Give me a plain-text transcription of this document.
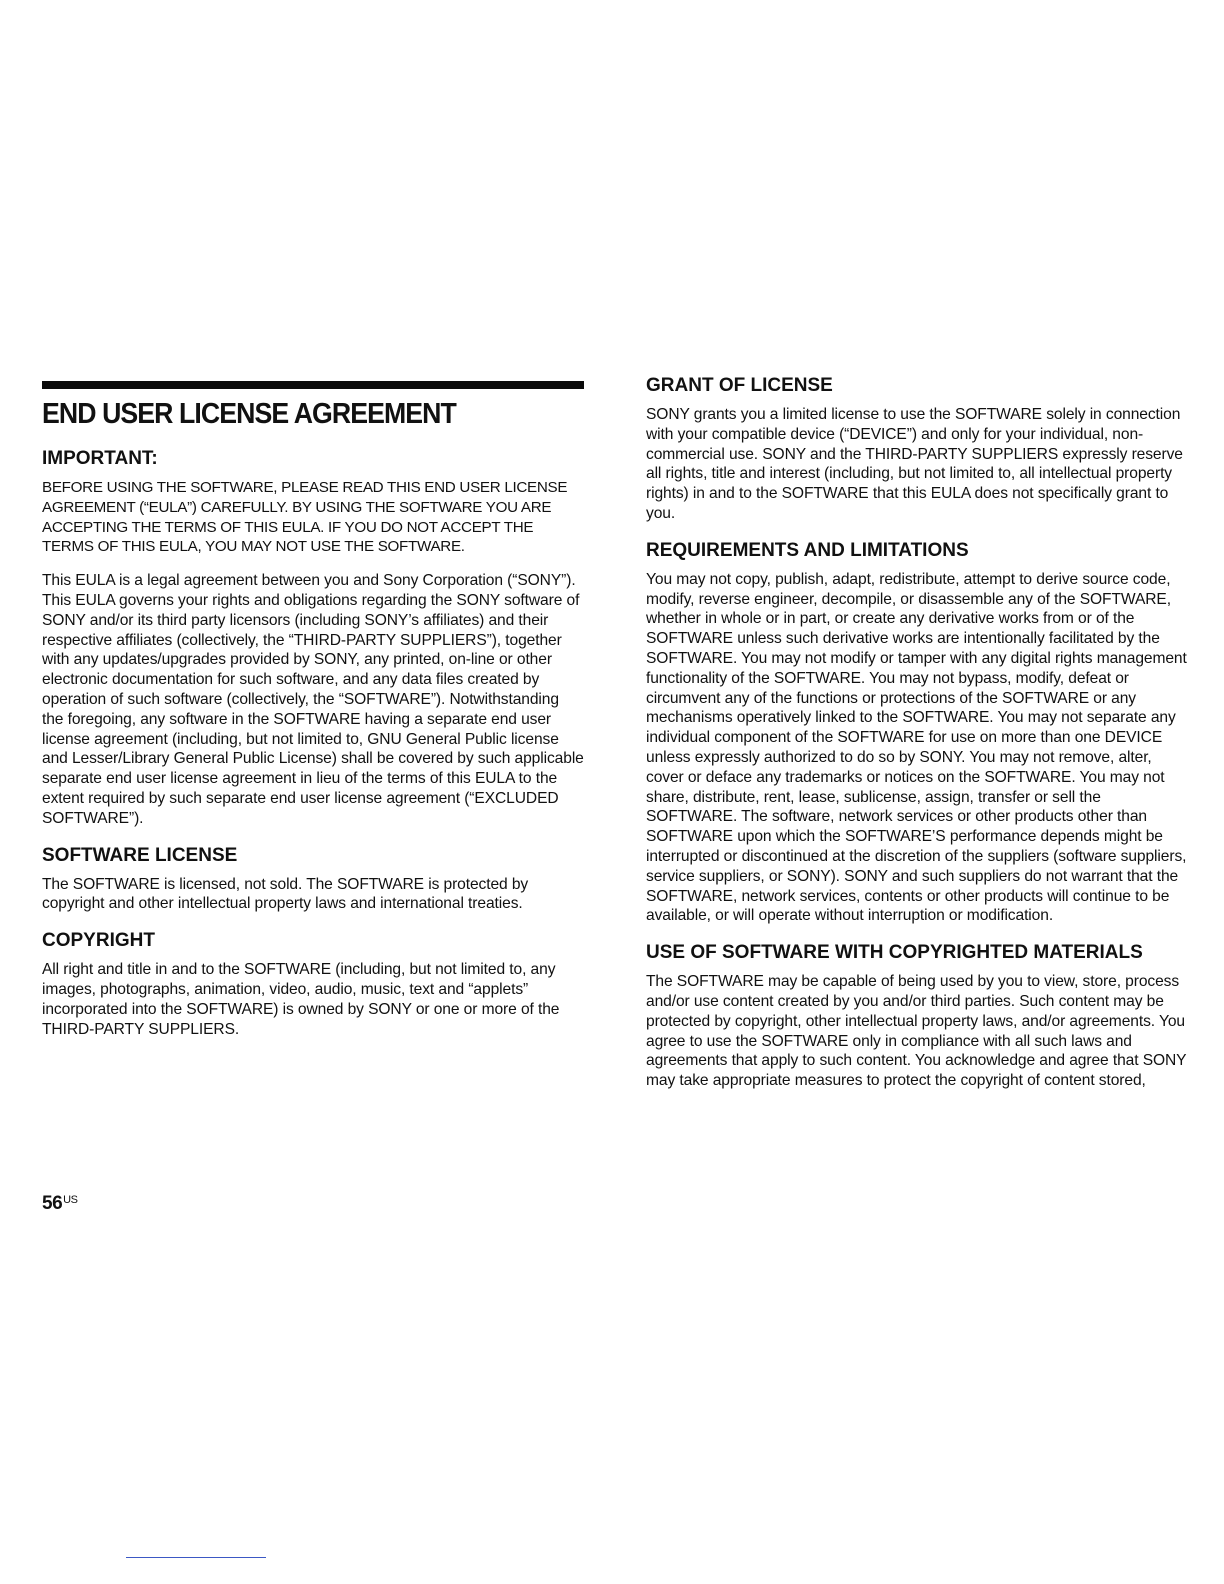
END USER LICENSE AGREEMENT
IMPORTANT:

BEFORE USING THE SOFTWARE, PLEASE READ THIS END USER LICENSE AGREEMENT (“EULA”) CAREFULLY. BY USING THE SOFTWARE YOU ARE ACCEPTING THE TERMS OF THIS EULA. IF YOU DO NOT ACCEPT THE TERMS OF THIS EULA, YOU MAY NOT USE THE SOFTWARE.

This EULA is a legal agreement between you and Sony Corporation (“SONY”). This EULA governs your rights and obligations regarding the SONY software of SONY and/or its third party licensors (including SONY’s affiliates) and their respective affiliates (collectively, the “THIRD-PARTY SUPPLIERS”), together with any updates/upgrades provided by SONY, any printed, on-line or other electronic documentation for such software, and any data files created by operation of such software (collectively, the “SOFTWARE”). Notwithstanding the foregoing, any software in the SOFTWARE having a separate end user license agreement (including, but not limited to, GNU General Public license and Lesser/Library General Public License) shall be covered by such applicable separate end user license agreement in lieu of the terms of this EULA to the extent required by such separate end user license agreement (“EXCLUDED SOFTWARE”).

SOFTWARE LICENSE

The SOFTWARE is licensed, not sold. The SOFTWARE is protected by copyright and other intellectual property laws and international treaties.

COPYRIGHT

All right and title in and to the SOFTWARE (including, but not limited to, any images, photographs, animation, video, audio, music, text and “applets” incorporated into the SOFTWARE) is owned by SONY or one or more of the THIRD-PARTY SUPPLIERS.

GRANT OF LICENSE

SONY grants you a limited license to use the SOFTWARE solely in connection with your compatible device (“DEVICE”) and only for your individual, non-commercial use. SONY and the THIRD-PARTY SUPPLIERS expressly reserve all rights, title and interest (including, but not limited to, all intellectual property rights) in and to the SOFTWARE that this EULA does not specifically grant to you.

REQUIREMENTS AND LIMITATIONS

You may not copy, publish, adapt, redistribute, attempt to derive source code, modify, reverse engineer, decompile, or disassemble any of the SOFTWARE, whether in whole or in part, or create any derivative works from or of the SOFTWARE unless such derivative works are intentionally facilitated by the SOFTWARE. You may not modify or tamper with any digital rights management functionality of the SOFTWARE. You may not bypass, modify, defeat or circumvent any of the functions or protections of the SOFTWARE or any mechanisms operatively linked to the SOFTWARE. You may not separate any individual component of the SOFTWARE for use on more than one DEVICE unless expressly authorized to do so by SONY. You may not remove, alter, cover or deface any trademarks or notices on the SOFTWARE. You may not share, distribute, rent, lease, sublicense, assign, transfer or sell the SOFTWARE. The software, network services or other products other than SOFTWARE upon which the SOFTWARE’S performance depends might be interrupted or discontinued at the discretion of the suppliers (software suppliers, service suppliers, or SONY). SONY and such suppliers do not warrant that the SOFTWARE, network services, contents or other products will continue to be available, or will operate without interruption or modification.

USE OF SOFTWARE WITH COPYRIGHTED MATERIALS

The SOFTWARE may be capable of being used by you to view, store, process and/or use content created by you and/or third parties. Such content may be protected by copyright, other intellectual property laws, and/or agreements. You agree to use the SOFTWARE only in compliance with all such laws and agreements that apply to such content. You acknowledge and agree that SONY may take appropriate measures to protect the copyright of content stored,

$56^{US}$
